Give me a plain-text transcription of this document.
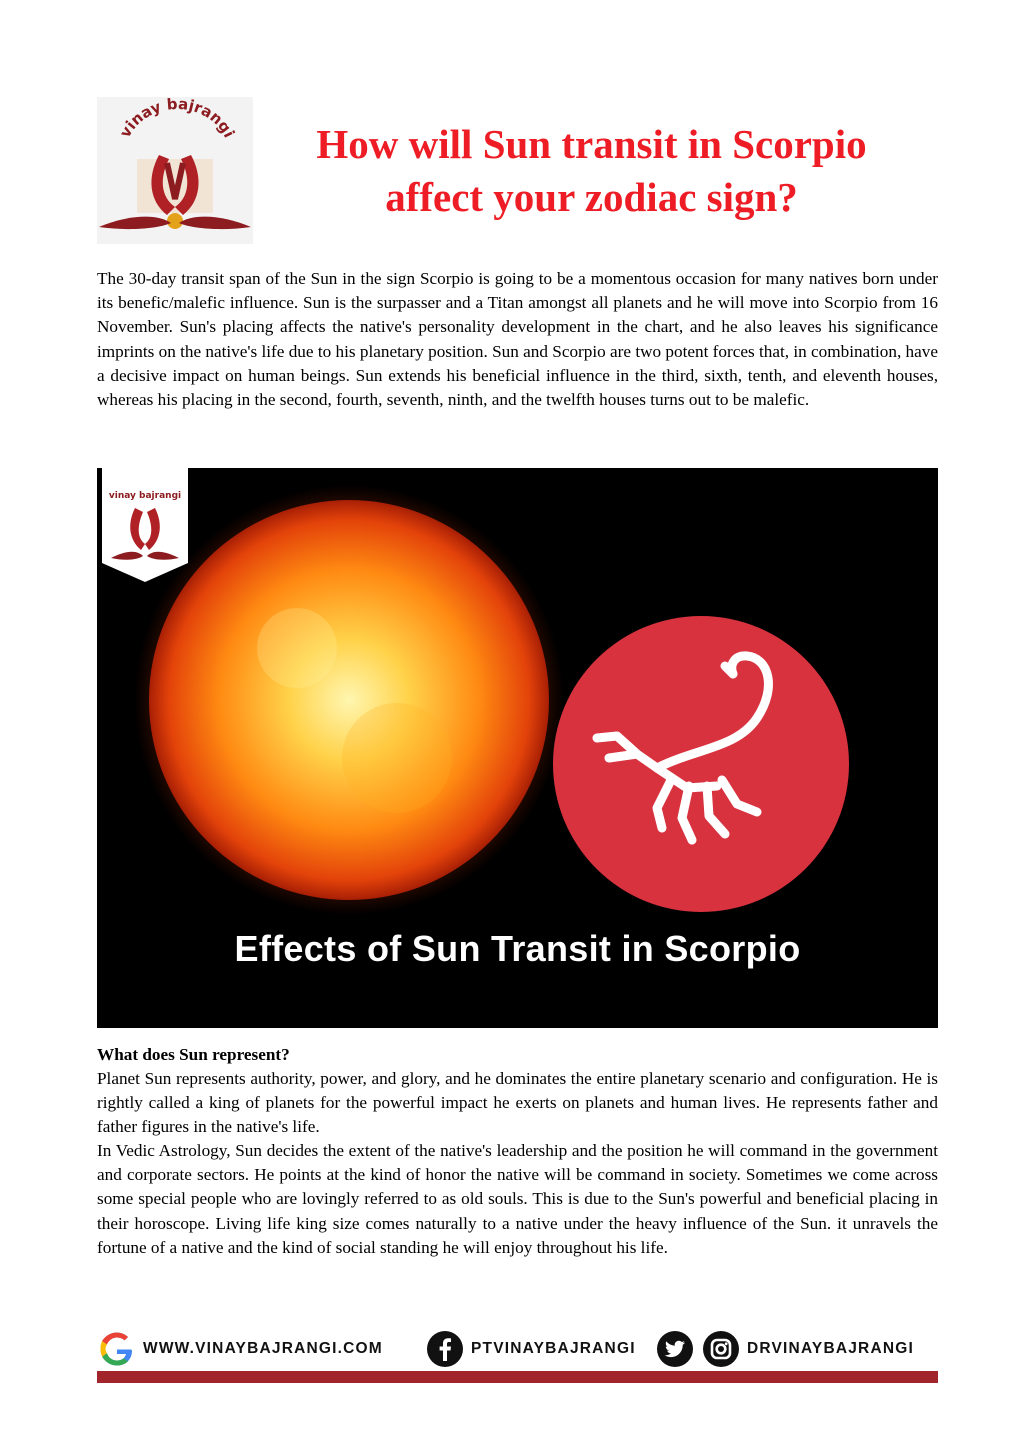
vinay bajrangi	How will Sun transit in Scorpio
affect your zodiac sign?

The 30-day transit span of the Sun in the sign Scorpio is going to be a momentous occasion for many natives born under its benefic/malefic influence. Sun is the surpasser and a Titan amongst all planets and he will move into Scorpio from 16 November. Sun's placing affects the native's personality development in the chart, and he also leaves his significance imprints on the native's life due to his planetary position. Sun and Scorpio are two potent forces that, in combination, have a decisive impact on human beings. Sun extends his beneficial influence in the third, sixth, tenth, and eleventh houses, whereas his placing in the second, fourth, seventh, ninth, and the twelfth houses turns out to be malefic.

vinay bajrangi
Effects of Sun Transit in Scorpio
What does Sun represent?

Planet Sun represents authority, power, and glory, and he dominates the entire planetary scenario and configuration. He is rightly called a king of planets for the powerful impact he exerts on planets and human lives. He represents father and father figures in the native's life.

In Vedic Astrology, Sun decides the extent of the native's leadership and the position he will command in the government and corporate sectors. He points at the kind of honor the native will be command in society. Sometimes we come across some special people who are lovingly referred to as old souls. This is due to the Sun's powerful and beneficial placing in their horoscope. Living life king size comes naturally to a native under the heavy influence of the Sun. it unravels the fortune of a native and the kind of social standing he will enjoy throughout his life.

WWW.VINAYBAJRANGI.COM	PTVINAYBAJRANGI	DRVINAYBAJRANGI
